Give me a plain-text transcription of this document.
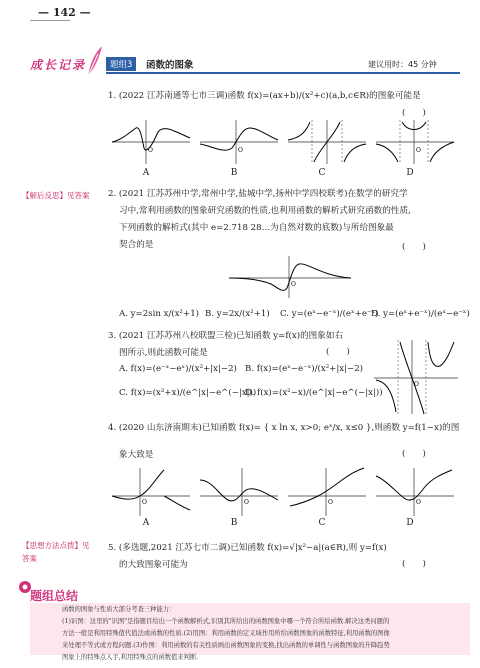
— 142 —
成长记录	题组3	函数的图象	建议用时：45 分钟
【解后反思】见答案
【思想方法点拨】见
答案
1. (2022 江苏南通等七市三调)函数 f(x)=(ax+b)/(x²+c)(a,b,c∈R)的图象可能是
(　　)
O	O	O
A	B	C	D
2. (2021 江苏苏州中学,常州中学,盐城中学,扬州中学四校联考)在数学的研究学
习中,常利用函数的图象研究函数的性质,也利用函数的解析式研究函数的性质,
下列函数的解析式(其中 e=2.718 28…为自然对数的底数)与所给图象最
契合的是	(　　)
O
A. y=2sin x/(x²+1) B. y=2x/(x²+1) C. y=(eˣ−e⁻ˣ)/(eˣ+e⁻ˣ)
D. y=(eˣ+e⁻ˣ)/(eˣ−e⁻ˣ)
3. (2021 江苏苏州八校联盟三检)已知函数 y=f(x)的图象如右
图所示,则此函数可能是	(　　)
A. f(x)=(e⁻ˣ−eˣ)/(x²+|x|−2) B. f(x)=(eˣ−e⁻ˣ)/(x²+|x|−2)
C. f(x)=(x²+x)/(e^|x|−e^(−|x|))
D. f(x)=(x²−x)/(e^|x|−e^(−|x|))
O
4. (2020 山东济南期末)已知函数 f(x)= { x ln x, x>0; eˣ/x, x≤0 },则函数 y=f(1−x)的图
象大致是	(　　)
O	O	O	O
A	B	C	D
5. (多选题,2021 江苏七市二调)已知函数 f(x)=√|x²−a|(a∈R),则 y=f(x)
的大致图象可能为	(　　)
题组总结

函数的图象与性质大部分考查三种能力：

(1)识图：这里的"识图"是指题目给出一个函数解析式,识别其所给出的函数图象中哪一个符合所给函数.解决这类问题的

方法一般是利用特殊值代值法或函数的性质.(2)用图：利用函数的定义域作用所给函数图象的函数特征,利用函数的图像

来处理不等式或方程问题.(3)作图：利用函数的有关性质画出函数图象的变换,找出函数的单调性与函数图象的升降趋势

图象上的特殊点入手,利用特殊点的函数值来判断.
